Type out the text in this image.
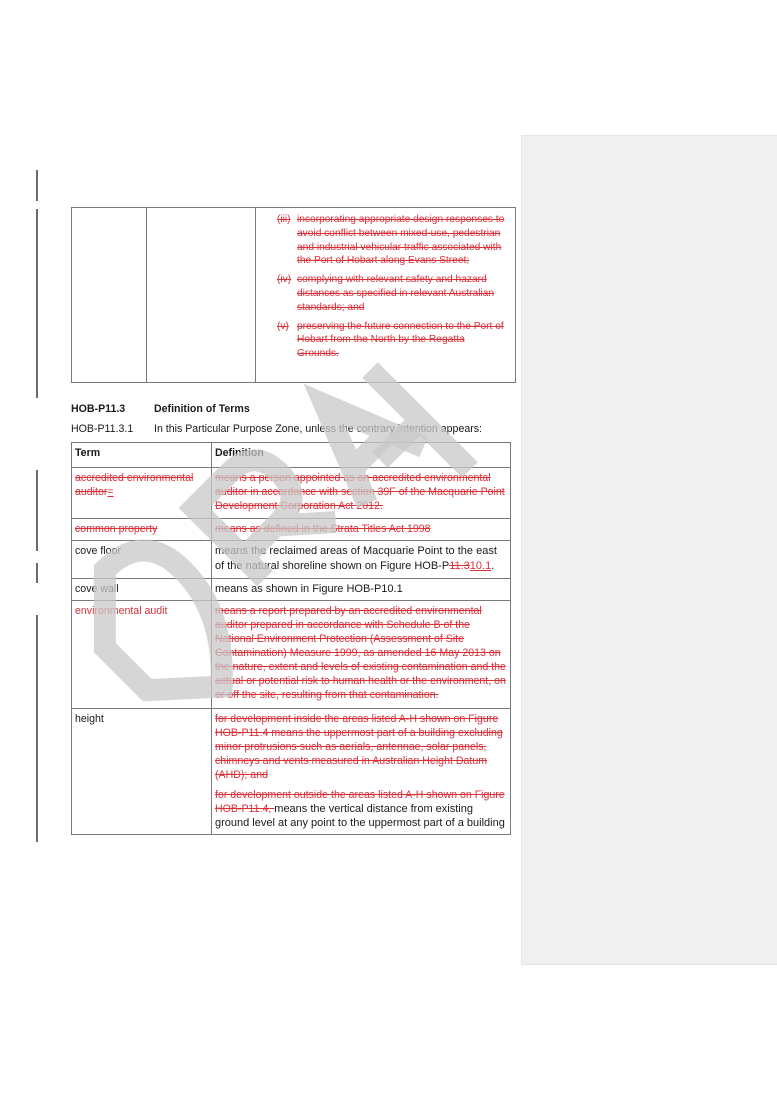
(iii) incorporating appropriate design responses to avoid conflict between mixed-use, pedestrian and industrial vehicular traffic associated with the Port of Hobart along Evans Street;
(iv) complying with relevant safety and hazard distances as specified in relevant Australian standards; and
(v) preserving the future connection to the Port of Hobart from the North by the Regatta Grounds.
HOB-P11.3	Definition of Terms
HOB-P11.3.1	In this Particular Purpose Zone, unless the contrary intention appears:
Term	Definition
accredited environmental auditor=	means a person appointed as an accredited environmental auditor in accordance with section 39F of the Macquarie Point Development Corporation Act 2012.
common property	means as defined in the Strata Titles Act 1998
cove floor	means the reclaimed areas of Macquarie Point to the east of the natural shoreline shown on Figure HOB-P11.310.1.
cove wall	means as shown in Figure HOB-P10.1
environmental audit	means a report prepared by an accredited environmental auditor prepared in accordance with Schedule B of the National Environment Protection (Assessment of Site Contamination) Measure 1999, as amended 16 May 2013 on the nature, extent and levels of existing contamination and the actual or potential risk to human health or the environment, on or off the site, resulting from that contamination.
height	for development inside the areas listed A-H shown on Figure HOB-P11.4 means the uppermost part of a building excluding minor protrusions such as aerials, antennae, solar panels, chimneys and vents measured in Australian Height Datum (AHD); and

for development outside the areas listed A-H shown on Figure HOB-P11.4, means the vertical distance from existing ground level at any point to the uppermost part of a building
